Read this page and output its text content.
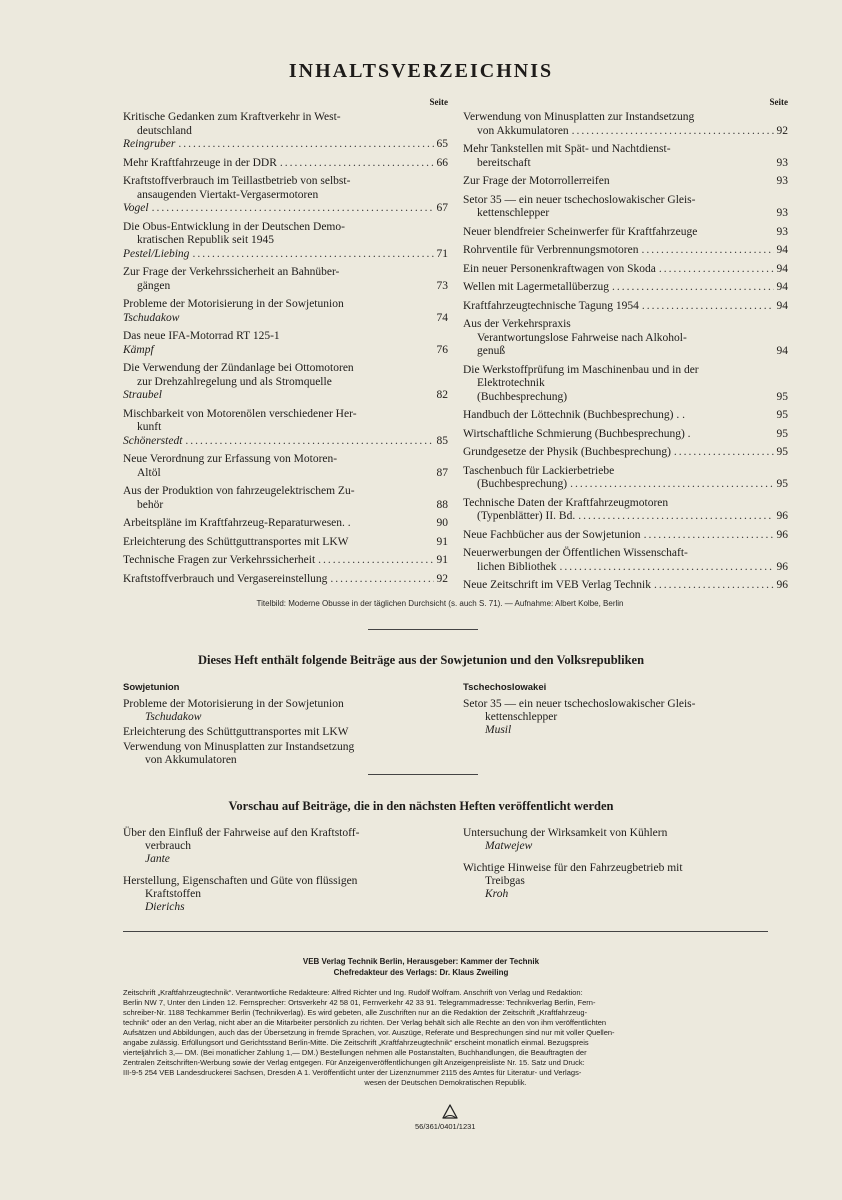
INHALTSVERZEICHNIS
Seite
Kritische Gedanken zum Kraftverkehr in West-
deutschland
Reingruber .....	65
Mehr Kraftfahrzeuge in der DDR .....	66
Kraftstoffverbrauch im Teillastbetrieb von selbst-
ansaugenden Viertakt-Vergasermotoren
Vogel .....	67
Die Obus-Entwicklung in der Deutschen Demo-
kratischen Republik seit 1945
Pestel/Liebing .....	71
Zur Frage der Verkehrssicherheit an Bahnüber-
gängen	73
Probleme der Motorisierung in der Sowjetunion
Tschudakow	74
Das neue IFA-Motorrad RT 125-1
Kämpf	76
Die Verwendung der Zündanlage bei Ottomotoren
zur Drehzahlregelung und als Stromquelle
Straubel	82
Mischbarkeit von Motorenölen verschiedener Her-
kunft
Schönerstedt .....	85
Neue Verordnung zur Erfassung von Motoren-
Altöl	87
Aus der Produktion von fahrzeugelektrischem Zu-
behör	88
Arbeitspläne im Kraftfahrzeug-Reparaturwesen. .	90
Erleichterung des Schüttguttransportes mit LKW	91
Technische Fragen zur Verkehrssicherheit .....	91
Kraftstoffverbrauch und Vergasereinstellung .....	92
Seite
Verwendung von Minusplatten zur Instandsetzung
von Akkumulatoren .....	92
Mehr Tankstellen mit Spät- und Nachtdienst-
bereitschaft	93
Zur Frage der Motorrollerreifen	93
Setor 35 — ein neuer tschechoslowakischer Gleis-
kettenschlepper	93
Neuer blendfreier Scheinwerfer für Kraftfahrzeuge	93
Rohrventile für Verbrennungsmotoren .....	94
Ein neuer Personenkraftwagen von Skoda .....	94
Wellen mit Lagermetallüberzug .....	94
Kraftfahrzeugtechnische Tagung 1954 .....	94
Aus der Verkehrspraxis
Verantwortungslose Fahrweise nach Alkohol-
genuß	94
Die Werkstoffprüfung im Maschinenbau und in der
Elektrotechnik
(Buchbesprechung)	95
Handbuch der Löttechnik (Buchbesprechung) . .	95
Wirtschaftliche Schmierung (Buchbesprechung) .	95
Grundgesetze der Physik (Buchbesprechung) .....	95
Taschenbuch für Lackierbetriebe
(Buchbesprechung) .....	95
Technische Daten der Kraftfahrzeugmotoren
(Typenblätter) II. Bd. .....	96
Neue Fachbücher aus der Sowjetunion .....	96
Neuerwerbungen der Öffentlichen Wissenschaft-
lichen Bibliothek .....	96
Neue Zeitschrift im VEB Verlag Technik .....	96
Titelbild: Moderne Obusse in der täglichen Durchsicht (s. auch S. 71). — Aufnahme: Albert Kolbe, Berlin
Dieses Heft enthält folgende Beiträge aus der Sowjetunion und den Volksrepubliken
Sowjetunion
Probleme der Motorisierung in der Sowjetunion
Tschudakow
Erleichterung des Schüttguttransportes mit LKW
Verwendung von Minusplatten zur Instandsetzung
von Akkumulatoren
Tschechoslowakei
Setor 35 — ein neuer tschechoslowakischer Gleis-
kettenschlepper
Musil
Vorschau auf Beiträge, die in den nächsten Heften veröffentlicht werden
Über den Einfluß der Fahrweise auf den Kraftstoff-
verbrauch
Jante
Herstellung, Eigenschaften und Güte von flüssigen
Kraftstoffen
Dierichs
Untersuchung der Wirksamkeit von Kühlern
Matwejew
Wichtige Hinweise für den Fahrzeugbetrieb mit
Treibgas
Kroh
VEB Verlag Technik Berlin, Herausgeber: Kammer der Technik
Chefredakteur des Verlags: Dr. Klaus Zweiling
Zeitschrift „Kraftfahrzeugtechnik“. Verantwortliche Redakteure: Alfred Richter und Ing. Rudolf Wolfram. Anschrift von Verlag und Redaktion:
Berlin NW 7, Unter den Linden 12. Fernsprecher: Ortsverkehr 42 58 01, Fernverkehr 42 33 91. Telegrammadresse: Technikverlag Berlin, Fern-
schreiber-Nr. 1188 Techkammer Berlin (Technikverlag). Es wird gebeten, alle Zuschriften nur an die Redaktion der Zeitschrift „Kraftfahrzeug-
technik“ oder an den Verlag, nicht aber an die Mitarbeiter persönlich zu richten. Der Verlag behält sich alle Rechte an den von ihm veröffentlichten
Aufsätzen und Abbildungen, auch das der Übersetzung in fremde Sprachen, vor. Auszüge, Referate und Besprechungen sind nur mit voller Quellen-
angabe zulässig. Erfüllungsort und Gerichtsstand Berlin-Mitte. Die Zeitschrift „Kraftfahrzeugtechnik“ erscheint monatlich einmal. Bezugspreis
vierteljährlich 3,— DM. (Bei monatlicher Zahlung 1,— DM.) Bestellungen nehmen alle Postanstalten, Buchhandlungen, die Beauftragten der
Zentralen Zeitschriften-Werbung sowie der Verlag entgegen. Für Anzeigenveröffentlichungen gilt Anzeigenpreisliste Nr. 15. Satz und Druck:
III-9-5 254 VEB Landesdruckerei Sachsen, Dresden A 1. Veröffentlicht unter der Lizenznummer 2115 des Amtes für Literatur- und Verlags-
wesen der Deutschen Demokratischen Republik.
56/361/0401/1231
